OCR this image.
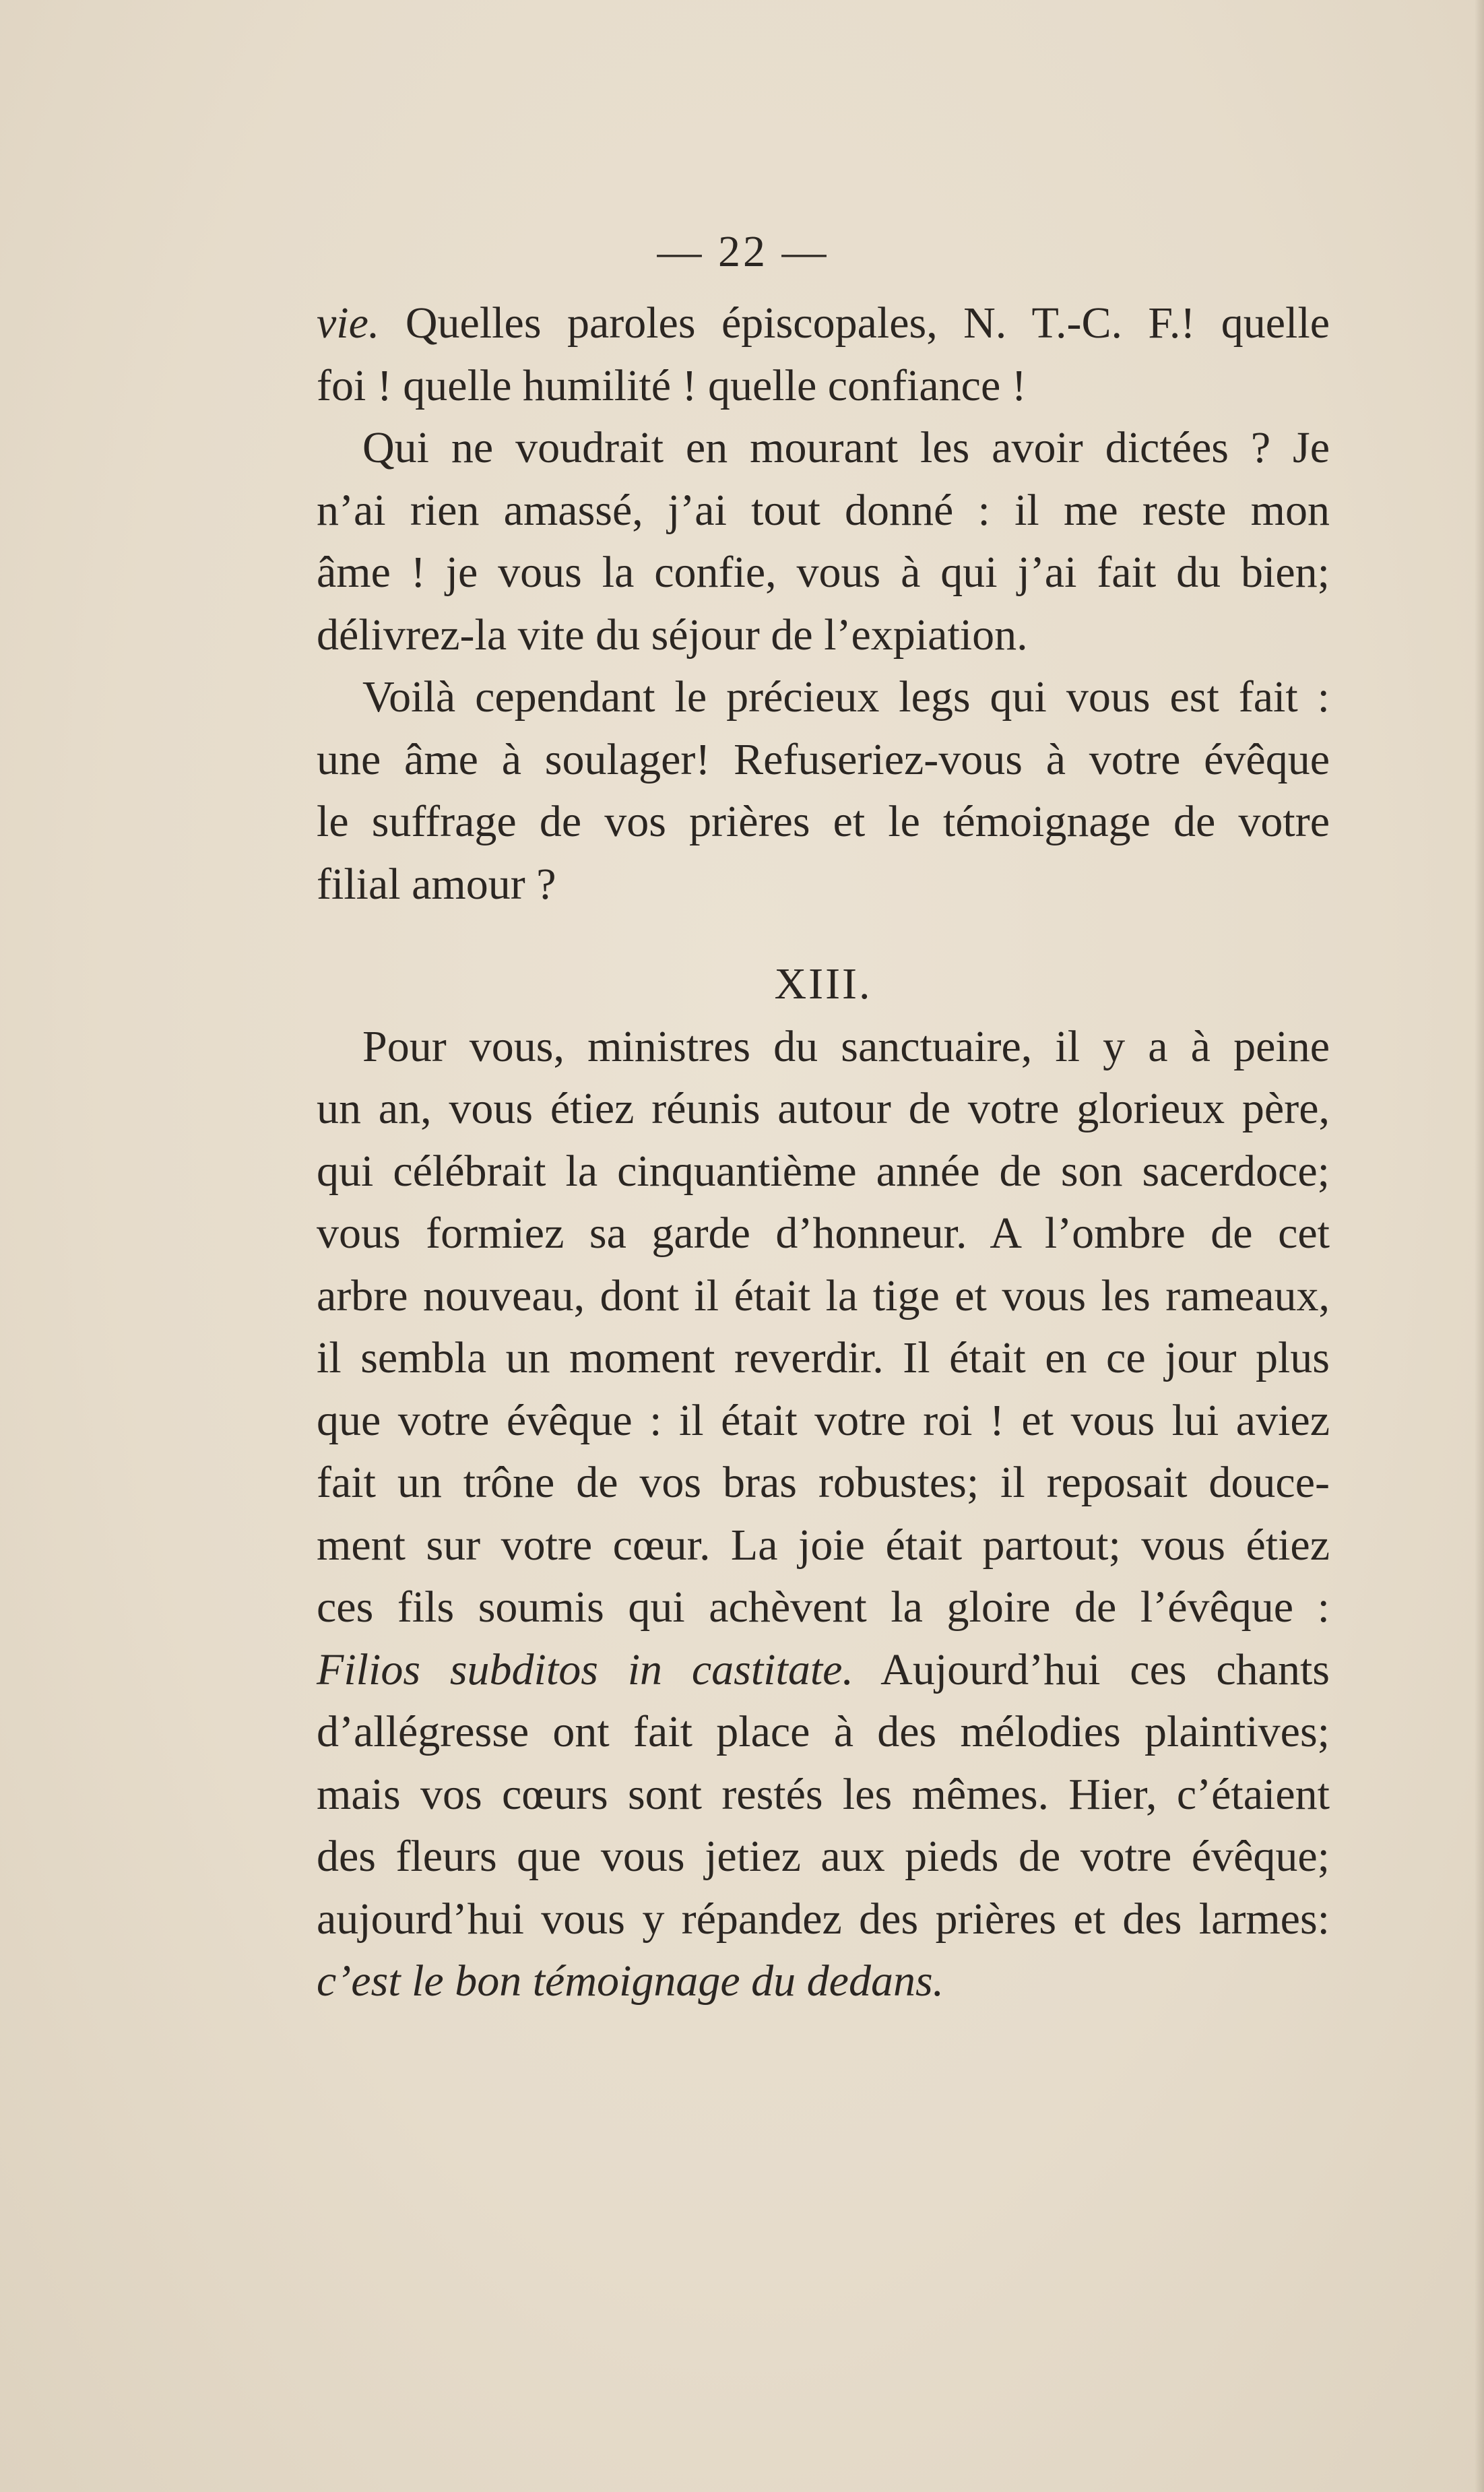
— 22 —
vie. Quelles paroles épiscopales, N. T.-C. F.! quelle
foi ! quelle humilité ! quelle confiance !
Qui ne voudrait en mourant les avoir dictées ? Je
n’ai rien amassé, j’ai tout donné : il me reste mon
âme ! je vous la confie, vous à qui j’ai fait du bien;
délivrez-la vite du séjour de l’expiation.
Voilà cependant le précieux legs qui vous est fait :
une âme à soulager! Refuseriez-vous à votre évêque
le suffrage de vos prières et le témoignage de votre
filial amour ?
XIII.
Pour vous, ministres du sanctuaire, il y a à peine
un an, vous étiez réunis autour de votre glorieux père,
qui célébrait la cinquantième année de son sacerdoce;
vous formiez sa garde d’honneur. A l’ombre de cet
arbre nouveau, dont il était la tige et vous les rameaux,
il sembla un moment reverdir. Il était en ce jour plus
que votre évêque : il était votre roi ! et vous lui aviez
fait un trône de vos bras robustes; il reposait douce-
ment sur votre cœur. La joie était partout; vous étiez
ces fils soumis qui achèvent la gloire de l’évêque :
Filios subditos in castitate. Aujourd’hui ces chants
d’allégresse ont fait place à des mélodies plaintives;
mais vos cœurs sont restés les mêmes. Hier, c’étaient
des fleurs que vous jetiez aux pieds de votre évêque;
aujourd’hui vous y répandez des prières et des larmes:
c’est le bon témoignage du dedans.
